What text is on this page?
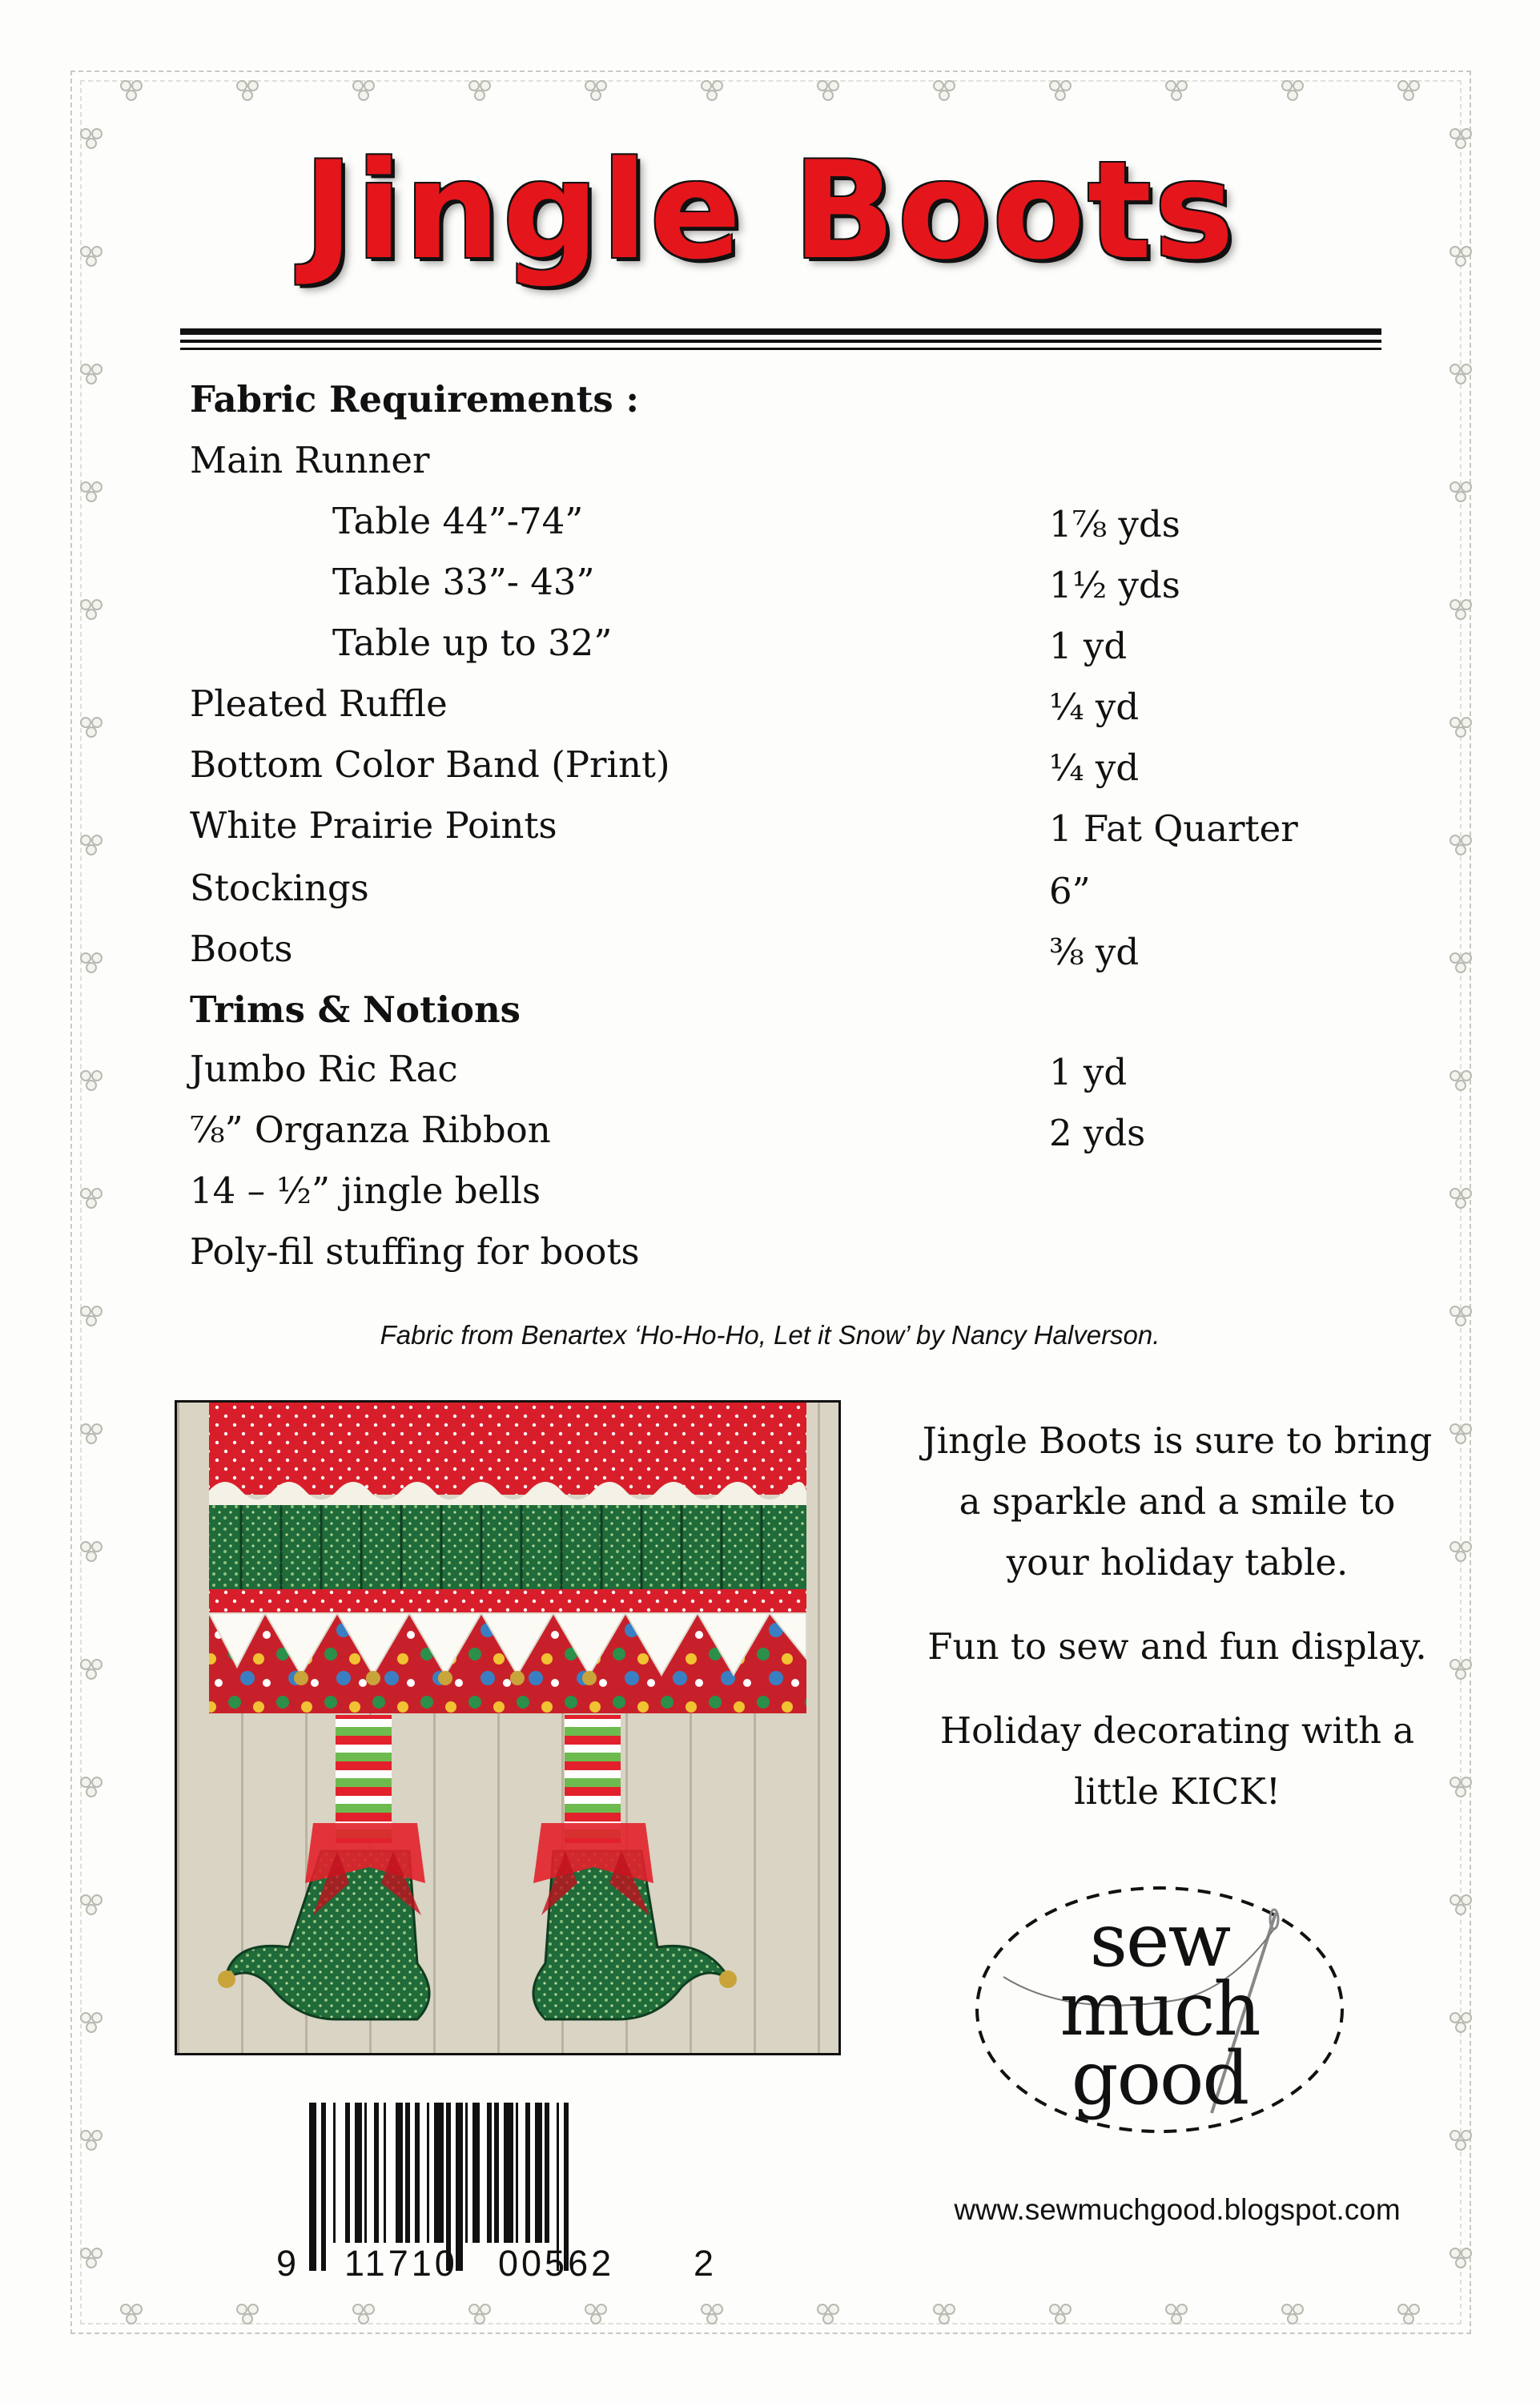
Jingle Boots
Fabric Requirements :
Main Runner
Table 44”-74”	1⅞ yds
Table 33”- 43”	1½ yds
Table up to 32”	1 yd
Pleated Ruffle	¼ yd
Bottom Color Band (Print)	¼ yd
White Prairie Points	1 Fat Quarter
Stockings	6”
Boots	⅜ yd
Trims & Notions
Jumbo Ric Rac	1 yd
⅞” Organza Ribbon	2 yds
14 – ½” jingle bells
Poly-fil stuffing for boots
Fabric from Benartex ‘Ho-Ho-Ho, Let it Snow’ by Nancy Halverson.
Jingle Boots is sure to bring
a sparkle and a smile to
your holiday table.
Fun to sew and fun display.
Holiday decorating with a
little KICK!
sew
much
good
www.sewmuchgood.blogspot.com
9 11710 00562 2
